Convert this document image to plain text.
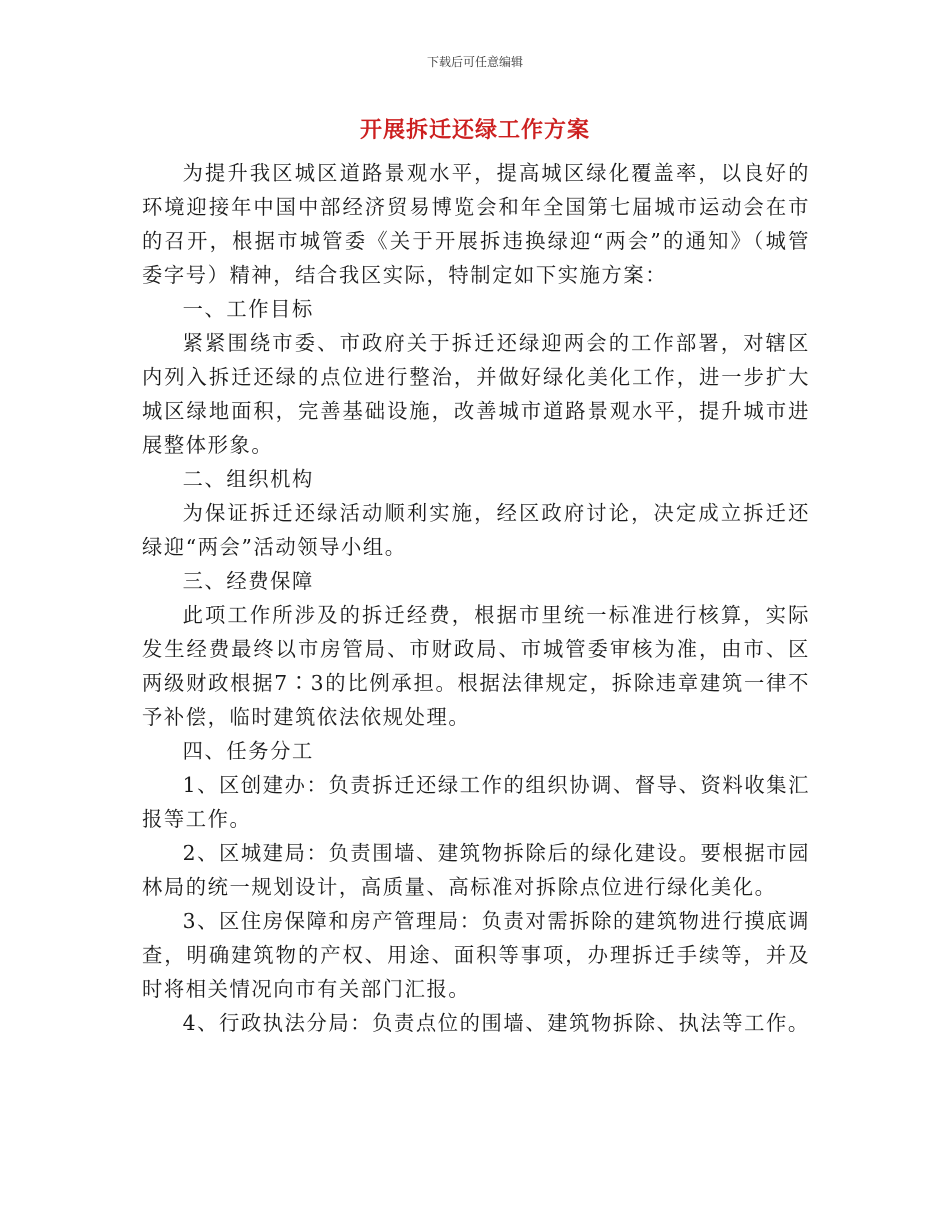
下载后可任意编辑
开展拆迁还绿工作方案

为提升我区城区道路景观水平，提高城区绿化覆盖率，以良好的环境迎接年中国中部经济贸易博览会和年全国第七届城市运动会在市的召开，根据市城管委《关于开展拆违换绿迎“两会”的通知》（城管委字号）精神，结合我区实际，特制定如下实施方案：

一、工作目标

紧紧围绕市委、市政府关于拆迁还绿迎两会的工作部署，对辖区内列入拆迁还绿的点位进行整治，并做好绿化美化工作，进一步扩大城区绿地面积，完善基础设施，改善城市道路景观水平，提升城市进展整体形象。

二、组织机构

为保证拆迁还绿活动顺利实施，经区政府讨论，决定成立拆迁还绿迎“两会”活动领导小组。

三、经费保障

此项工作所涉及的拆迁经费，根据市里统一标准进行核算，实际发生经费最终以市房管局、市财政局、市城管委审核为准，由市、区两级财政根据7∶3的比例承担。根据法律规定，拆除违章建筑一律不予补偿，临时建筑依法依规处理。

四、任务分工

1、区创建办：负责拆迁还绿工作的组织协调、督导、资料收集汇报等工作。

2、区城建局：负责围墙、建筑物拆除后的绿化建设。要根据市园林局的统一规划设计，高质量、高标准对拆除点位进行绿化美化。

3、区住房保障和房产管理局：负责对需拆除的建筑物进行摸底调查，明确建筑物的产权、用途、面积等事项，办理拆迁手续等，并及时将相关情况向市有关部门汇报。

4、行政执法分局：负责点位的围墙、建筑物拆除、执法等工作。
